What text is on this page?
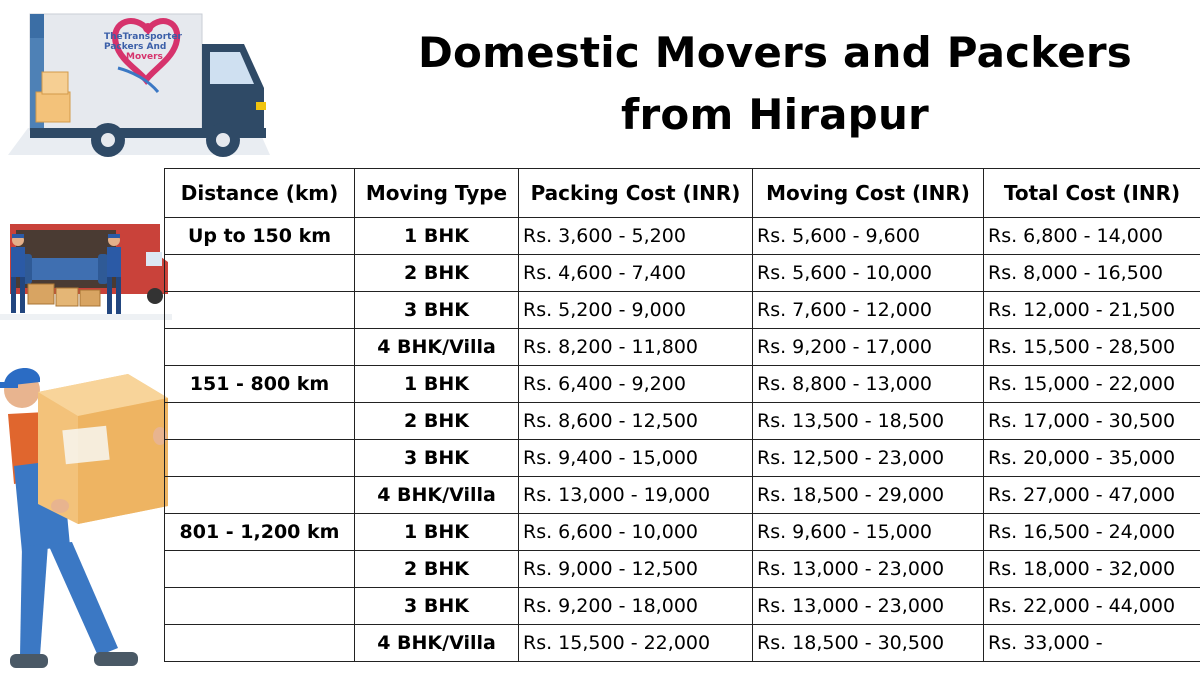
TheTransporter
Packers And
Movers	Domestic Movers and Packers
from Hirapur
Distance (km)	Moving Type	Packing Cost (INR)	Moving Cost (INR)	Total Cost (INR)
Up to 150 km	1 BHK	Rs. 3,600 - 5,200	Rs. 5,600 - 9,600	Rs. 6,800 - 14,000
	2 BHK	Rs. 4,600 - 7,400	Rs. 5,600 - 10,000	Rs. 8,000 - 16,500
	3 BHK	Rs. 5,200 - 9,000	Rs. 7,600 - 12,000	Rs. 12,000 - 21,500
	4 BHK/Villa	Rs. 8,200 - 11,800	Rs. 9,200 - 17,000	Rs. 15,500 - 28,500
151 - 800 km	1 BHK	Rs. 6,400 - 9,200	Rs. 8,800 - 13,000	Rs. 15,000 - 22,000
	2 BHK	Rs. 8,600 - 12,500	Rs. 13,500 - 18,500	Rs. 17,000 - 30,500
	3 BHK	Rs. 9,400 - 15,000	Rs. 12,500 - 23,000	Rs. 20,000 - 35,000
	4 BHK/Villa	Rs. 13,000 - 19,000	Rs. 18,500 - 29,000	Rs. 27,000 - 47,000
801 - 1,200 km	1 BHK	Rs. 6,600 - 10,000	Rs. 9,600 - 15,000	Rs. 16,500 - 24,000
	2 BHK	Rs. 9,000 - 12,500	Rs. 13,000 - 23,000	Rs. 18,000 - 32,000
	3 BHK	Rs. 9,200 - 18,000	Rs. 13,000 - 23,000	Rs. 22,000 - 44,000
	4 BHK/Villa	Rs. 15,500 - 22,000	Rs. 18,500 - 30,500	Rs. 33,000 -
